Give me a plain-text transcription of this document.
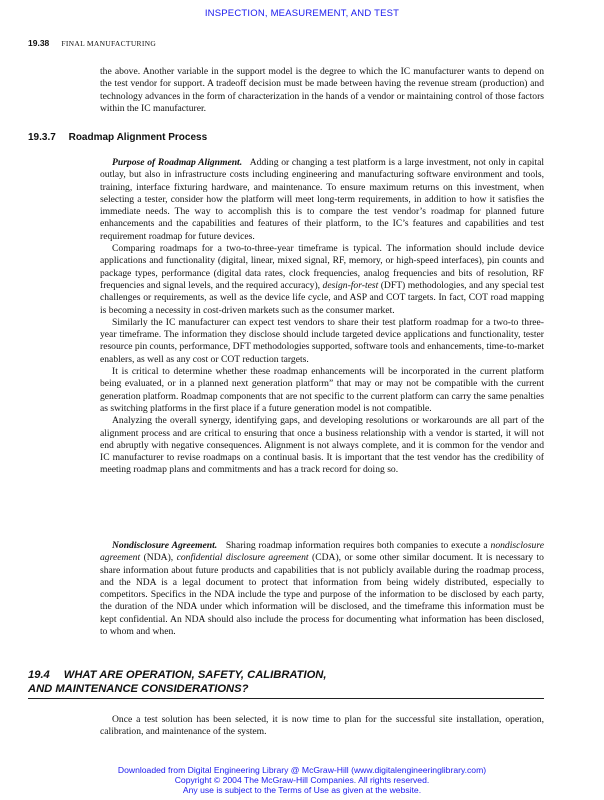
INSPECTION, MEASUREMENT, AND TEST
19.38 FINAL MANUFACTURING

the above. Another variable in the support model is the degree to which the IC manufacturer wants to depend on the test vendor for support. A tradeoff decision must be made between having the revenue stream (production) and technology advances in the form of characterization in the hands of a vendor or maintaining control of those factors within the IC manufacturer.

19.3.7 Roadmap Alignment Process

Purpose of Roadmap Alignment. Adding or changing a test platform is a large investment, not only in capital outlay, but also in infrastructure costs including engineering and manufacturing software environment and tools, training, interface fixturing hardware, and maintenance. To ensure maximum returns on this investment, when selecting a tester, consider how the platform will meet long-term requirements, in addition to how it satisfies the immediate needs. The way to accomplish this is to compare the test vendor’s roadmap for planned future enhancements and the capabilities and features of their platform, to the IC’s features and capabilities and test requirement roadmap for future devices.

Comparing roadmaps for a two-to-three-year timeframe is typical. The information should include device applications and functionality (digital, linear, mixed signal, RF, memory, or high-speed interfaces), pin counts and package types, performance (digital data rates, clock frequencies, analog frequencies and bits of resolution, RF frequencies and signal levels, and the required accuracy), design-for-test (DFT) methodologies, and any special test challenges or requirements, as well as the device life cycle, and ASP and COT targets. In fact, COT road mapping is becoming a necessity in cost-driven markets such as the consumer market.

Similarly the IC manufacturer can expect test vendors to share their test platform roadmap for a two-to three-year timeframe. The information they disclose should include targeted device applications and functionality, tester resource pin counts, performance, DFT methodologies supported, software tools and enhancements, time-to-market enablers, as well as any cost or COT reduction targets.

It is critical to determine whether these roadmap enhancements will be incorporated in the current platform being evaluated, or in a planned next generation platform” that may or may not be compatible with the current generation platform. Roadmap components that are not specific to the current platform can carry the same penalties as switching platforms in the first place if a future generation model is not compatible.

Analyzing the overall synergy, identifying gaps, and developing resolutions or workarounds are all part of the alignment process and are critical to ensuring that once a business relationship with a vendor is started, it will not end abruptly with negative consequences. Alignment is not always complete, and it is common for the vendor and IC manufacturer to revise roadmaps on a continual basis. It is important that the test vendor has the credibility of meeting roadmap plans and commitments and has a track record for doing so.

Nondisclosure Agreement. Sharing roadmap information requires both companies to execute a nondisclosure agreement (NDA), confidential disclosure agreement (CDA), or some other similar document. It is necessary to share information about future products and capabilities that is not publicly available during the roadmap process, and the NDA is a legal document to protect that information from being widely distributed, especially to competitors. Specifics in the NDA include the type and purpose of the information to be disclosed by each party, the duration of the NDA under which information will be disclosed, and the timeframe this information must be kept confidential. An NDA should also include the process for documenting what information has been disclosed, to whom and when.

19.4 WHAT ARE OPERATION, SAFETY, CALIBRATION,
AND MAINTENANCE CONSIDERATIONS?

Once a test solution has been selected, it is now time to plan for the successful site installation, operation, calibration, and maintenance of the system.

Downloaded from Digital Engineering Library @ McGraw-Hill (www.digitalengineeringlibrary.com)
Copyright © 2004 The McGraw-Hill Companies. All rights reserved.
Any use is subject to the Terms of Use as given at the website.
